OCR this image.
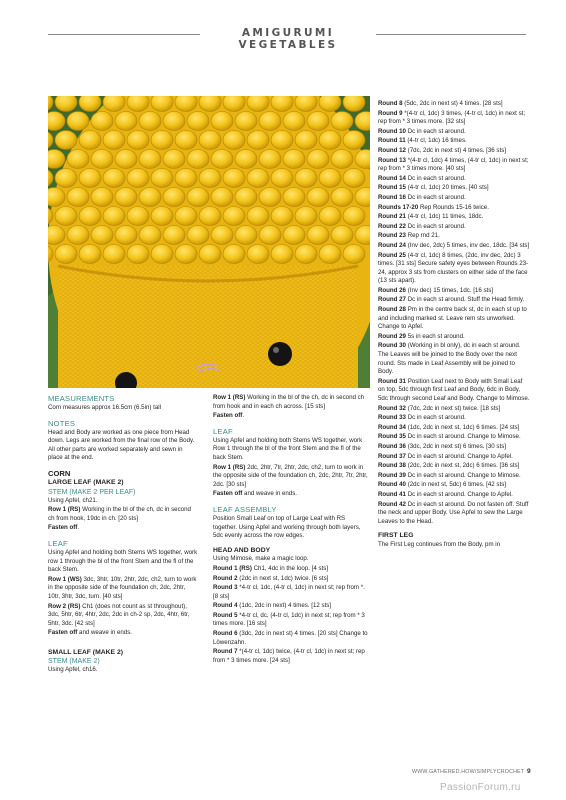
AMIGURUMI VEGETABLES
MEASUREMENTS

Corn measures approx 16.5cm (6.5in) tall

NOTES

Head and Body are worked as one piece from Head down. Legs are worked from the final row of the Body. All other parts are worked separately and sewn in place at the end.

CORN
LARGE LEAF (MAKE 2)
STEM (MAKE 2 PER LEAF)

Using Apfel, ch21.

Row 1 (RS) Working in the bl of the ch, dc in second ch from hook, 19dc in ch. [20 sts]

Fasten off.

LEAF

Using Apfel and holding both Stems WS together, work row 1 through the bl of the front Stem and the fl of the back Stem.

Row 1 (WS) 3dc, 3htr, 10tr, 2htr, 2dc, ch2, turn to work in the opposite side of the foundation ch, 2dc, 2htr, 10tr, 3htr, 3dc, turn. [40 sts]

Row 2 (RS) Ch1 (does not count as st throughout), 3dc, 5htr, 6tr, 4htr, 2dc, 2dc in ch-2 sp, 2dc, 4htr, 6tr, 5htr, 3dc. [42 sts]

Fasten off and weave in ends.

SMALL LEAF (MAKE 2)
STEM (MAKE 2)

Using Apfel, ch16.

Row 1 (RS) Working in the bl of the ch, dc in second ch from hook and in each ch across. [15 sts]

Fasten off.

LEAF

Using Apfel and holding both Stems WS together, work Row 1 through the bl of the front Stem and the fl of the back Stem.

Row 1 (RS) 2dc, 2htr, 7tr, 2htr, 2dc, ch2, turn to work in the opposite side of the foundation ch, 2dc, 2htr, 7tr, 2htr, 2dc. [30 sts]

Fasten off and weave in ends.

LEAF ASSEMBLY

Position Small Leaf on top of Large Leaf with RS together. Using Apfel and working through both layers, 5dc evenly across the row edges.

HEAD AND BODY

Using Mimose, make a magic loop.

Round 1 (RS) Ch1, 4dc in the loop. [4 sts]

Round 2 (2dc in next st, 1dc) twice. [6 sts]

Round 3 *4-tr cl, 1dc, (4-tr cl, 1dc) in next st; rep from *. [8 sts]

Round 4 (1dc, 2dc in next) 4 times. [12 sts]

Round 5 *4-tr cl, dc, (4-tr cl, 1dc) in next st; rep from * 3 times more. [16 sts]

Round 6 (3dc, 2dc in next st) 4 times. [20 sts] Change to Löwenzahn.

Round 7 *(4-tr cl, 1dc) twice, (4-tr cl, 1dc) in next st; rep from * 3 times more. [24 sts]

Round 8 (5dc, 2dc in next st) 4 times. [28 sts]

Round 9 *(4-tr cl, 1dc) 3 times, (4-tr cl, 1dc) in next st; rep from * 3 times more. [32 sts]

Round 10 Dc in each st around.

Round 11 (4-tr cl, 1dc) 16 times.

Round 12 (7dc, 2dc in next st) 4 times. [36 sts]

Round 13 *(4-tr cl, 1dc) 4 times, (4-tr cl, 1dc) in next st; rep from * 3 times more. [40 sts]

Round 14 Dc in each st around.

Round 15 (4-tr cl, 1dc) 20 times. [40 sts]

Round 16 Dc in each st around.

Rounds 17-20 Rep Rounds 15-16 twice.

Round 21 (4-tr cl, 1dc) 11 times, 18dc.

Round 22 Dc in each st around.

Round 23 Rep rnd 21.

Round 24 (Inv dec, 2dc) 5 times, inv dec, 18dc. [34 sts]

Round 25 (4-tr cl, 1dc) 8 times, (2dc, inv dec, 2dc) 3 times. [31 sts] Secure safety eyes between Rounds 23-24, approx 3 sts from clusters on either side of the face (13 sts apart).

Round 26 (Inv dec) 15 times, 1dc. [16 sts]

Round 27 Dc in each st around. Stuff the Head firmly.

Round 28 Pm in the centre back st, dc in each st up to and including marked st. Leave rem sts unworked. Change to Apfel.

Round 29 5s in each st around.

Round 30 (Working in bl only), dc in each st around. The Leaves will be joined to the Body over the next round. Sts made in Leaf Assembly will be joined to Body.

Round 31 Position Leaf next to Body with Small Leaf on top, 5dc through first Leaf and Body, 6dc in Body, 5dc through second Leaf and Body. Change to Mimose.

Round 32 (7dc, 2dc in next st) twice. [18 sts]

Round 33 Dc in each st around.

Round 34 (1dc, 2dc in next st, 1dc) 6 times. [24 sts]

Round 35 Dc in each st around. Change to Mimose.

Round 36 (3dc, 2dc in next st) 6 times. [30 sts]

Round 37 Dc in each st around. Change to Apfel.

Round 38 (2dc, 2dc in next st, 2dc) 6 times. [36 sts]

Round 39 Dc in each st around. Change to Mimose.

Round 40 (2dc in next st, 5dc) 6 times. [42 sts]

Round 41 Dc in each st around. Change to Apfel.

Round 42 Dc in each st around. Do not fasten off. Stuff the neck and upper Body. Use Apfel to sew the Large Leaves to the Head.

FIRST LEG

The First Leg continues from the Body, pm in

WWW.GATHERED.HOW/SIMPLYCROCHET 9
PassionForum.ru
